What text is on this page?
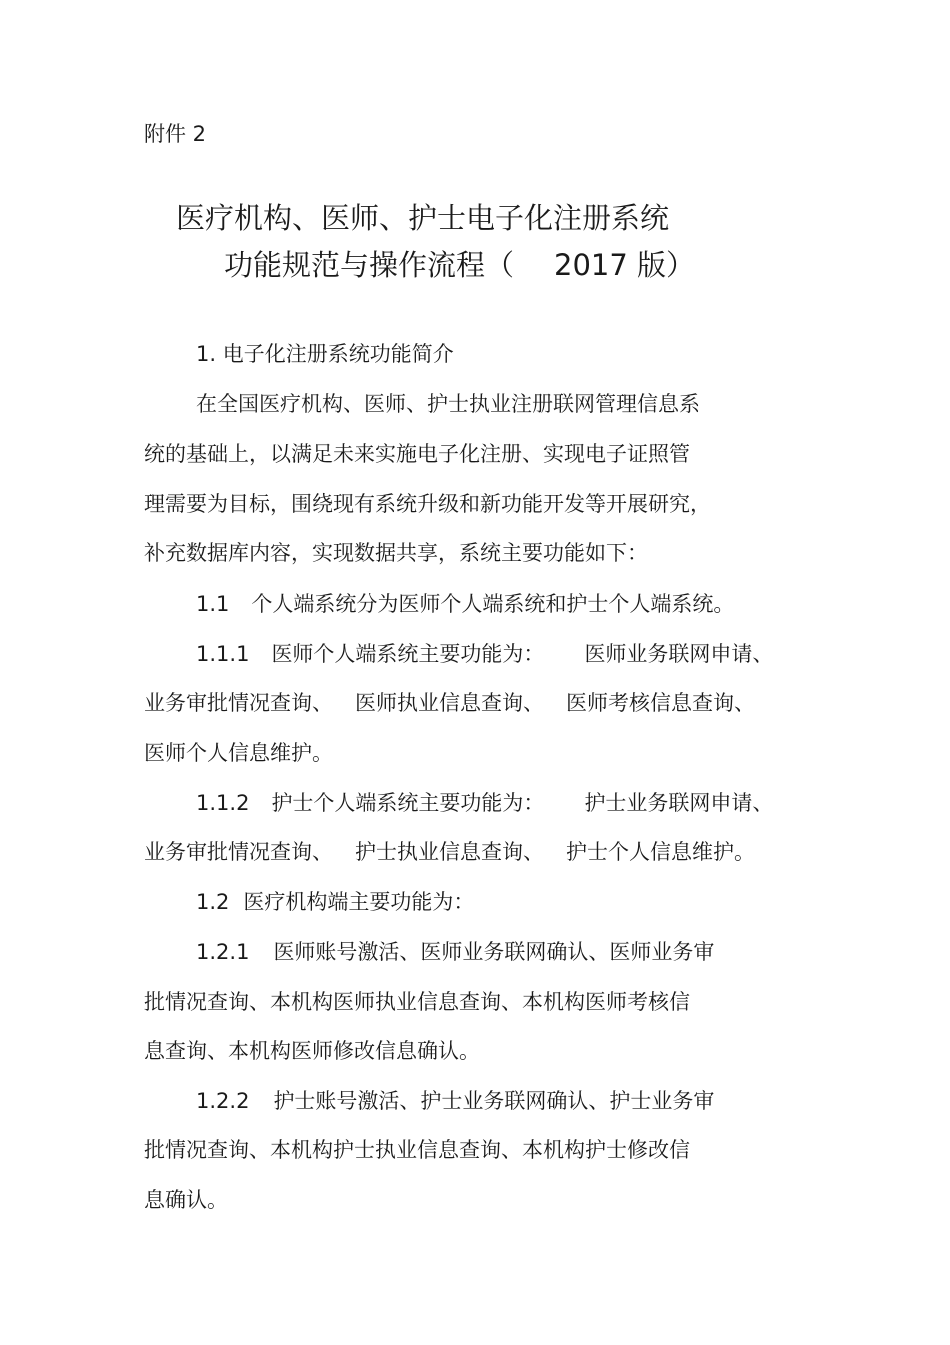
附件 2
医疗机构、医师、护士电子化注册系统
功能规范与操作流程（ 2017 版）
1. 电子化注册系统功能简介
在全国医疗机构、医师、护士执业注册联网管理信息系
统的基础上，以满足未来实施电子化注册、实现电子证照管
理需要为目标，围绕现有系统升级和新功能开发等开展研究，
补充数据库内容，实现数据共享，系统主要功能如下：
1.1 个人端系统分为医师个人端系统和护士个人端系统。
1.1.1 医师个人端系统主要功能为： 医师业务联网申请、
业务审批情况查询、 医师执业信息查询、 医师考核信息查询、
医师个人信息维护。
1.1.2 护士个人端系统主要功能为： 护士业务联网申请、
业务审批情况查询、 护士执业信息查询、 护士个人信息维护。
1.2 医疗机构端主要功能为：
1.2.1 医师账号激活、医师业务联网确认、医师业务审
批情况查询、本机构医师执业信息查询、本机构医师考核信
息查询、本机构医师修改信息确认。
1.2.2 护士账号激活、护士业务联网确认、护士业务审
批情况查询、本机构护士执业信息查询、本机构护士修改信
息确认。
